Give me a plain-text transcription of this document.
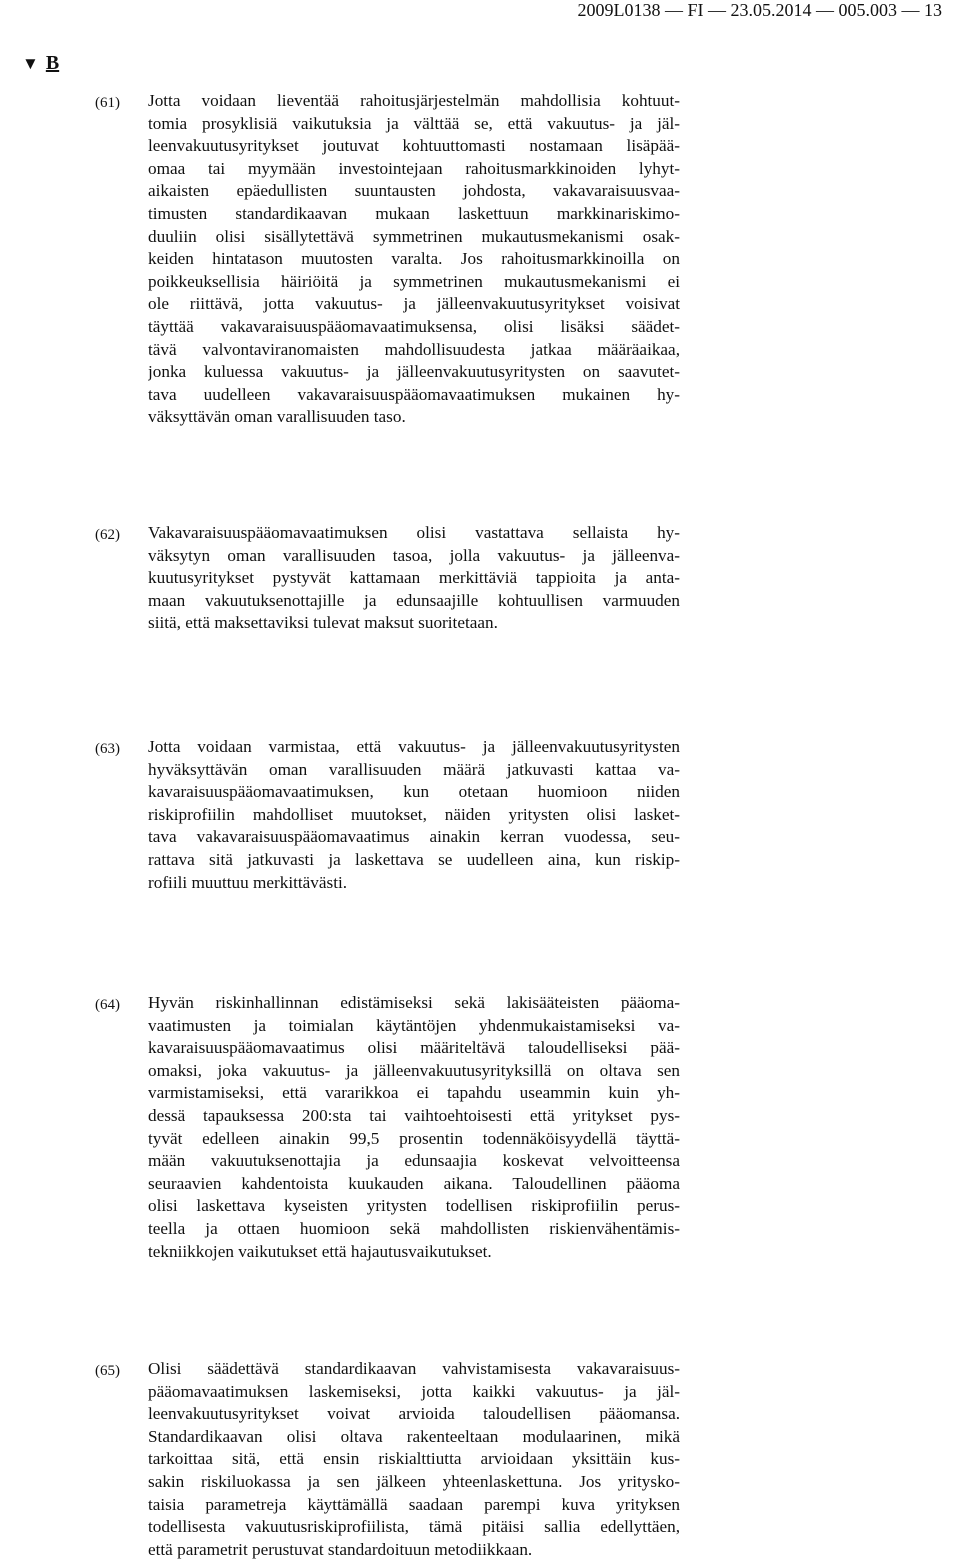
2009L0138 — FI — 23.05.2014 — 005.003 — 13
▼ B
(61) Jotta voidaan lieventää rahoitusjärjestelmän mahdollisia kohtuut-
tomia prosyklisiä vaikutuksia ja välttää se, että vakuutus- ja jäl-
leenvakuutusyritykset joutuvat kohtuuttomasti nostamaan lisäpää-
omaa tai myymään investointejaan rahoitusmarkkinoiden lyhyt-
aikaisten epäedullisten suuntausten johdosta, vakavaraisuusvaa-
timusten standardikaavan mukaan laskettuun markkinariskimo-
duuliin olisi sisällytettävä symmetrinen mukautusmekanismi osak-
keiden hintatason muutosten varalta. Jos rahoitusmarkkinoilla on
poikkeuksellisia häiriöitä ja symmetrinen mukautusmekanismi ei
ole riittävä, jotta vakuutus- ja jälleenvakuutusyritykset voisivat
täyttää vakavaraisuuspääomavaatimuksensa, olisi lisäksi säädet-
tävä valvontaviranomaisten mahdollisuudesta jatkaa määräaikaa,
jonka kuluessa vakuutus- ja jälleenvakuutusyritysten on saavutet-
tava uudelleen vakavaraisuuspääomavaatimuksen mukainen hy-
väksyttävän oman varallisuuden taso.
(62) Vakavaraisuuspääomavaatimuksen olisi vastattava sellaista hy-
väksytyn oman varallisuuden tasoa, jolla vakuutus- ja jälleenva-
kuutusyritykset pystyvät kattamaan merkittäviä tappioita ja anta-
maan vakuutuksenottajille ja edunsaajille kohtuullisen varmuuden
siitä, että maksettaviksi tulevat maksut suoritetaan.
(63) Jotta voidaan varmistaa, että vakuutus- ja jälleenvakuutusyritysten
hyväksyttävän oman varallisuuden määrä jatkuvasti kattaa va-
kavaraisuuspääomavaatimuksen, kun otetaan huomioon niiden
riskiprofiilin mahdolliset muutokset, näiden yritysten olisi lasket-
tava vakavaraisuuspääomavaatimus ainakin kerran vuodessa, seu-
rattava sitä jatkuvasti ja laskettava se uudelleen aina, kun riskip-
rofiili muuttuu merkittävästi.
(64) Hyvän riskinhallinnan edistämiseksi sekä lakisääteisten pääoma-
vaatimusten ja toimialan käytäntöjen yhdenmukaistamiseksi va-
kavaraisuuspääomavaatimus olisi määriteltävä taloudelliseksi pää-
omaksi, joka vakuutus- ja jälleenvakuutusyrityksillä on oltava sen
varmistamiseksi, että vararikkoa ei tapahdu useammin kuin yh-
dessä tapauksessa 200:sta tai vaihtoehtoisesti että yritykset pys-
tyvät edelleen ainakin 99,5 prosentin todennäköisyydellä täyttä-
mään vakuutuksenottajia ja edunsaajia koskevat velvoitteensa
seuraavien kahdentoista kuukauden aikana. Taloudellinen pääoma
olisi laskettava kyseisten yritysten todellisen riskiprofiilin perus-
teella ja ottaen huomioon sekä mahdollisten riskienvähentämis-
tekniikkojen vaikutukset että hajautusvaikutukset.
(65) Olisi säädettävä standardikaavan vahvistamisesta vakavaraisuus-
pääomavaatimuksen laskemiseksi, jotta kaikki vakuutus- ja jäl-
leenvakuutusyritykset voivat arvioida taloudellisen pääomansa.
Standardikaavan olisi oltava rakenteeltaan modulaarinen, mikä
tarkoittaa sitä, että ensin riskialttiutta arvioidaan yksittäin kus-
sakin riskiluokassa ja sen jälkeen yhteenlaskettuna. Jos yritysko-
taisia parametreja käyttämällä saadaan parempi kuva yrityksen
todellisesta vakuutusriskiprofiilista, tämä pitäisi sallia edellyttäen,
että parametrit perustuvat standardoituun metodiikkaan.
